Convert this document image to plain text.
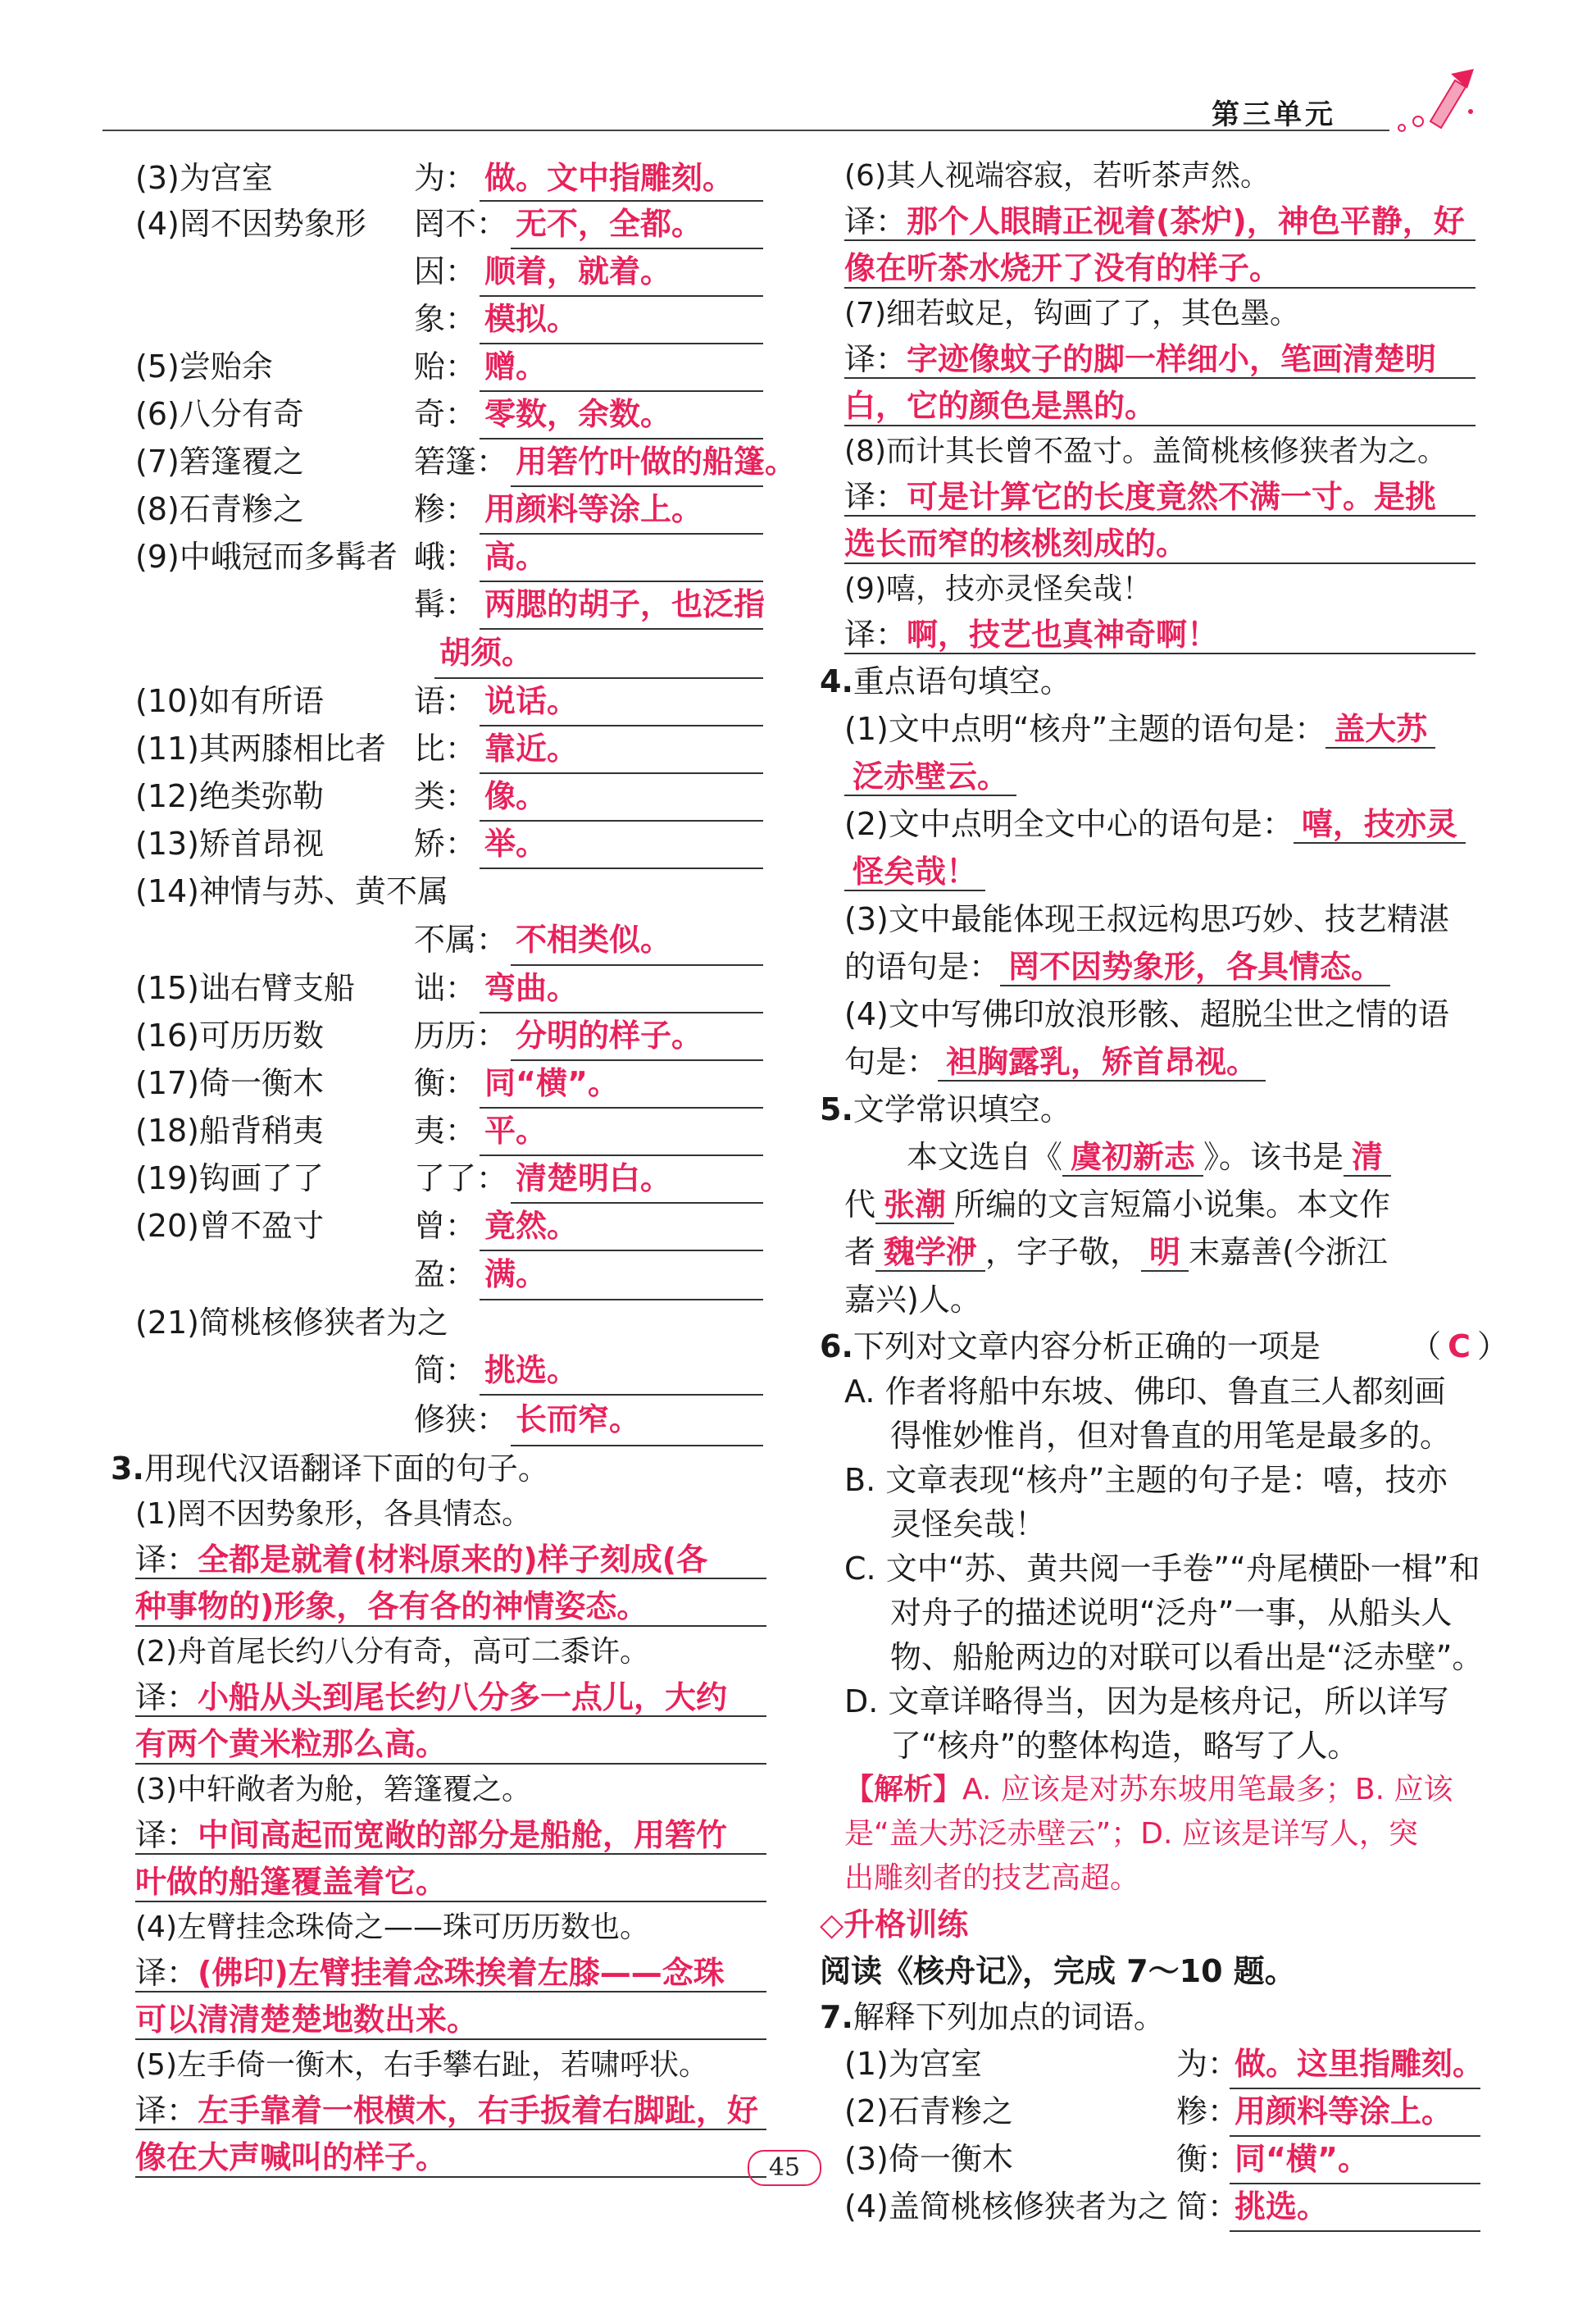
第三单元
(3)为宫室	为： 做。文中指雕刻。
(4)罔不因势象形 罔不： 无不，全都。
因： 顺着，就着。
象： 模拟。
(5)尝贻余	贻： 赠。
(6)八分有奇	奇： 零数，余数。
(7)箬篷覆之	箬篷： 用箬竹叶做的船篷。
(8)石青糁之	糁： 用颜料等涂上。
(9)中峨冠而多髯者 峨： 高。
髯： 两腮的胡子，也泛指
胡须。
(10)如有所语	语： 说话。
(11)其两膝相比者 比： 靠近。
(12)绝类弥勒	类： 像。
(13)矫首昂视	矫： 举。
(14)神情与苏、黄不属
不属： 不相类似。
(15)诎右臂支船 诎： 弯曲。
(16)可历历数	历历： 分明的样子。
(17)倚一衡木	衡： 同“横”。
(18)船背稍夷	夷： 平。
(19)钩画了了	了了： 清楚明白。
(20)曾不盈寸	曾： 竟然。
盈： 满。
(21)简桃核修狭者为之
简： 挑选。
修狭： 长而窄。
3.用现代汉语翻译下面的句子。
(1)罔不因势象形，各具情态。
译：全都是就着(材料原来的)样子刻成(各
种事物的)形象，各有各的神情姿态。
(2)舟首尾长约八分有奇，高可二黍许。
译：小船从头到尾长约八分多一点儿，大约
有两个黄米粒那么高。
(3)中轩敞者为舱，箬篷覆之。
译：中间高起而宽敞的部分是船舱，用箬竹
叶做的船篷覆盖着它。
(4)左臂挂念珠倚之——珠可历历数也。
译：(佛印)左臂挂着念珠挨着左膝——念珠
可以清清楚楚地数出来。
(5)左手倚一衡木，右手攀右趾，若啸呼状。
译：左手靠着一根横木，右手扳着右脚趾，好
像在大声喊叫的样子。
(6)其人视端容寂，若听茶声然。
译：那个人眼睛正视着(茶炉)，神色平静，好
像在听茶水烧开了没有的样子。
(7)细若蚊足，钩画了了，其色墨。
译：字迹像蚊子的脚一样细小，笔画清楚明
白，它的颜色是黑的。
(8)而计其长曾不盈寸。盖简桃核修狭者为之。
译：可是计算它的长度竟然不满一寸。是挑
选长而窄的核桃刻成的。
(9)嘻，技亦灵怪矣哉！
译：啊，技艺也真神奇啊！
4.重点语句填空。
(1)文中点明“核舟”主题的语句是： 盖大苏
泛赤壁云。
(2)文中点明全文中心的语句是： 嘻，技亦灵
怪矣哉！
(3)文中最能体现王叔远构思巧妙、技艺精湛
的语句是： 罔不因势象形，各具情态。
(4)文中写佛印放浪形骸、超脱尘世之情的语
句是： 袒胸露乳，矫首昂视。
5.文学常识填空。
本文选自《 虞初新志 》。该书是 清
代 张潮 所编的文言短篇小说集。本文作
者 魏学洢 ，字子敬， 明 末嘉善(今浙江
嘉兴)人。
6.下列对文章内容分析正确的一项是	（ C ）
A. 作者将船中东坡、佛印、鲁直三人都刻画
得惟妙惟肖，但对鲁直的用笔是最多的。
B. 文章表现“核舟”主题的句子是：嘻，技亦
灵怪矣哉！
C. 文中“苏、黄共阅一手卷”“舟尾横卧一楫”和
对舟子的描述说明“泛舟”一事，从船头人
物、船舱两边的对联可以看出是“泛赤壁”。
D. 文章详略得当，因为是核舟记，所以详写
了“核舟”的整体构造，略写了人。
【解析】A. 应该是对苏东坡用笔最多；B. 应该
是“盖大苏泛赤壁云”；D. 应该是详写人，突
出雕刻者的技艺高超。
◇升格训练
阅读《核舟记》，完成 7～10 题。
7.解释下列加点的词语。
(1)为宫室	为：
做。这里指雕刻。
(2)石青糁之	糁：
用颜料等涂上。
(3)倚一衡木	衡：
同“横”。
(4)盖简桃核修狭者为之 简：
挑选。
45
